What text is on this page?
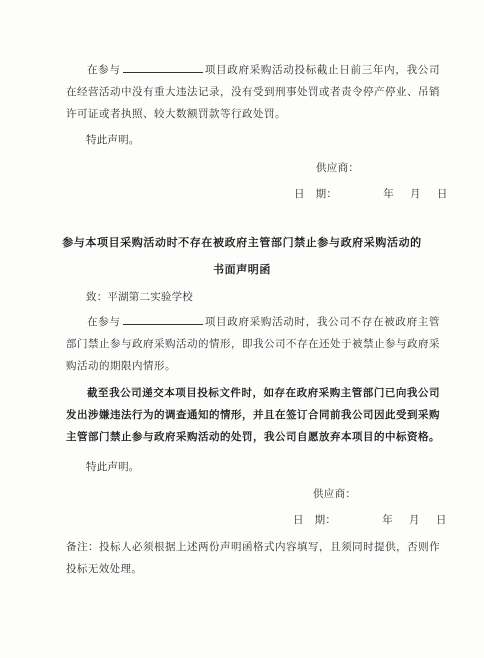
在参与	项目政府采购活动投标截止日前三年内，我公司在经营活动中没有重大违法记录，没有受到刑事处罚或者责令停产停业、吊销许可证或者执照、较大数额罚款等行政处罚。
特此声明。
供应商：
日　期：	年 月 日
参与本项目采购活动时不存在被政府主管部门禁止参与政府采购活动的
书面声明函
致：平湖第二实验学校
在参与	项目政府采购活动时，我公司不存在被政府主管部门禁止参与政府采购活动的情形，即我公司不存在还处于被禁止参与政府采购活动的期限内情形。
截至我公司递交本项目投标文件时，如存在政府采购主管部门已向我公司发出涉嫌违法行为的调查通知的情形，并且在签订合同前我公司因此受到采购主管部门禁止参与政府采购活动的处罚，我公司自愿放弃本项目的中标资格。
特此声明。
供应商：
日　期：	年 月 日
备注：投标人必须根据上述两份声明函格式内容填写，且须同时提供，否则作投标无效处理。
